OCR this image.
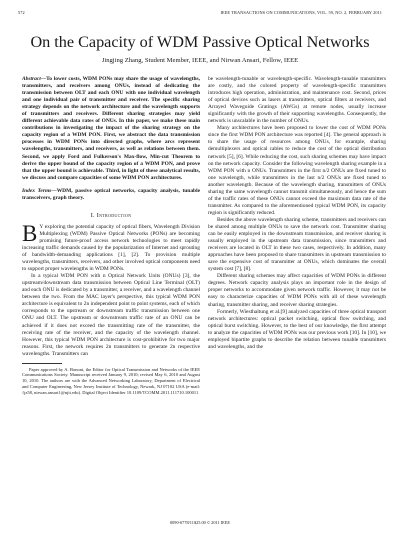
572	IEEE TRANSACTIONS ON COMMUNICATIONS, VOL. 59, NO. 2, FEBRUARY 2011
On the Capacity of WDM Passive Optical Networks
Jingjing Zhang, Student Member, IEEE, and Nirwan Ansari, Fellow, IEEE
Abstract—To lower costs, WDM PONs may share the usage of wavelengths, transmitters, and receivers among ONUs, instead of dedicating the transmission between OLT and each ONU with one individual wavelength and one individual pair of transmitter and receiver. The specific sharing strategy depends on the network architecture and the wavelength supports of transmitters and receivers. Different sharing strategies may yield different achievable data rates of ONUs. In this paper, we make these main contributions in investigating the impact of the sharing strategy on the capacity region of a WDM PON. First, we abstract the data transmission processes in WDM PONs into directed graphs, where arcs represent wavelengths, transmitters, and receivers, as well as relations between them. Second, we apply Ford and Fulkerson's Max-flow, Min-cut Theorem to derive the upper bound of the capacity region of a WDM PON, and prove that the upper bound is achievable. Third, in light of these analytical results, we discuss and compare capacities of some WDM PON architectures.
Index Terms—WDM, passive optical networks, capacity analysis, tunable transceivers, graph theory.
I. Introduction

B Y exploring the potential capacity of optical fibers, Wavelength Division Multiplexing (WDM) Passive Optical Networks (PONs) are becoming promising future-proof access network technologies to meet rapidly increasing traffic demands caused by the popularization of Internet and sprouting of bandwidth-demanding applications [1], [2]. To provision multiple wavelengths, transmitters, receivers, and other involved optical components need to support proper wavelengths in WDM PONs.

In a typical WDM PON with n Optical Network Units (ONUs) [3], the upstream/downstream data transmission between Optical Line Terminal (OLT) and each ONU is dedicated by a transmitter, a receiver, and a wavelength channel between the two. From the MAC layer's perspective, this typical WDM PON architecture is equivalent to 2n independent point to point systems, each of which corresponds to the upstream or downstream traffic transmission between one ONU and OLT. The upstream or downstream traffic rate of an ONU can be achieved if it does not exceed the transmitting rate of the transmitter, the receiving rate of the receiver, and the capacity of the wavelength channel. However, this typical WDM PON architecture is cost-prohibitive for two major reasons. First, the network requires 2n transmitters to generate 2n respective wavelengths. Transmitters can

Paper approved by A. Bononi, the Editor for Optical Transmission and Networks of the IEEE Communications Society. Manuscript received January 9, 2010; revised May 6, 2010 and August 10, 2010. The authors are with the Advanced Networking Laboratory, Department of Electrical and Computer Engineering, New Jersey Institute of Technology, Newark, NJ 07102 USA (e-mail: {jz58, nirwan.ansari}@njit.edu). Digital Object Identifier 10.1109/TCOMM.2011.111710.100011

be wavelength-tunable or wavelength-specific. Wavelength-tunable transmitters are costly, and the colored property of wavelength-specific transmitters introduces high operation, administration, and maintenance cost. Second, prices of optical devices such as lasers at transmitters, optical filters at receivers, and Arrayed Waveguide Gratings (AWGs) at remote nodes, usually increase significantly with the growth of their supporting wavelengths. Consequently, the network is unscalable in the number of ONUs.

Many architectures have been proposed to lower the cost of WDM PONs since the first WDM PON architecture was reported [4]. The general approach is to share the usage of resources among ONUs, for example, sharing demultiplexers and optical cables to reduce the cost of the optical distribution network [5], [6]. While reducing the cost, such sharing schemes may have impact on the network capacity. Consider the following wavelength sharing example in a WDM PON with n ONUs. Transmitters in the first n/2 ONUs are fixed tuned to one wavelength, while transmitters in the last n/2 ONUs are fixed tuned to another wavelength. Because of the wavelength sharing, transmitters of ONUs sharing the same wavelength cannot transmit simultaneously, and hence the sum of the traffic rates of these ONUs cannot exceed the maximum data rate of the transmitter. As compared to the aforementioned typical WDM PON, its capacity region is significantly reduced.

Besides the above wavelength sharing scheme, transmitters and receivers can be shared among multiple ONUs to save the network cost. Transmitter sharing can be easily employed in the downstream transmission, and receiver sharing is usually employed in the upstream data transmission, since transmitters and receivers are located in OLT in these two cases, respectively. In addition, many approaches have been proposed to share transmitters in upstream transmission to save the expensive cost of transmitter at ONUs, which dominates the overall system cost [7], [8].

Different sharing schemes may affect capacities of WDM PONs in different degrees. Network capacity analysis plays an important role in the design of proper networks to accommodate given network traffic. However, it may not be easy to characterize capacities of WDM PONs with all of these wavelength sharing, transmitter sharing, and receiver sharing strategies.

Formerly, Wiesthaltung et al.[9] analyzed capacities of three optical transport network architectures: optical packet switching, optical flow switching, and optical burst switching. However, to the best of our knowledge, the first attempt to analyze the capacities of WDM PONs was our previous work [10]. In [10], we employed bipartite graphs to describe the relation between tunable transmitters and wavelengths, and the

0090-6778/11$25.00 © 2011 IEEE
